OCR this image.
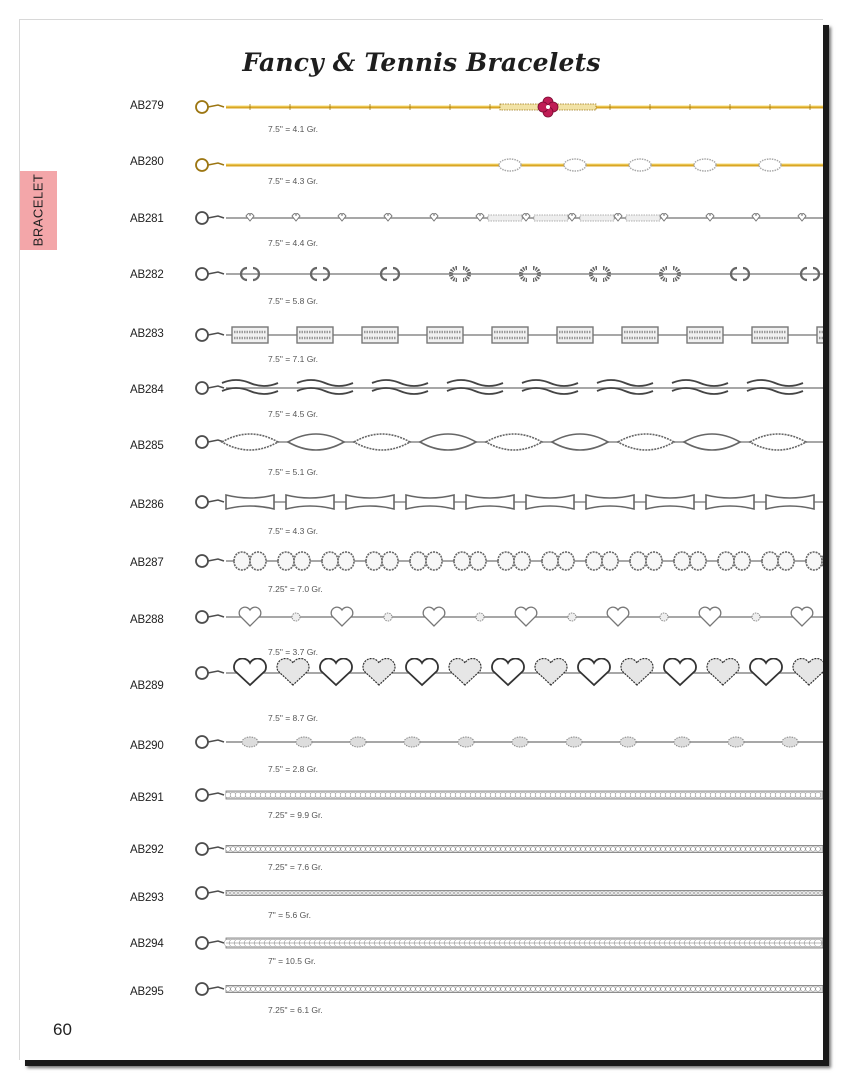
Fancy & Tennis Bracelets
BRACELET
AB279
7.5" = 4.1 Gr.
AB280
7.5" = 4.3 Gr.
AB281
7.5" = 4.4 Gr.
AB282
7.5" = 5.8 Gr.
AB283
7.5" = 7.1 Gr.
AB284
7.5" = 4.5 Gr.
AB285
7.5" = 5.1 Gr.
AB286
7.5" = 4.3 Gr.
AB287
7.25" = 7.0 Gr.
AB288
7.5" = 3.7 Gr.
AB289
7.5" = 8.7 Gr.
AB290
7.5" = 2.8 Gr.
AB291
7.25" = 9.9 Gr.
AB292
7.25" = 7.6 Gr.
AB293
7" = 5.6 Gr.
AB294
7" = 10.5 Gr.
AB295
7.25" = 6.1 Gr.
60
